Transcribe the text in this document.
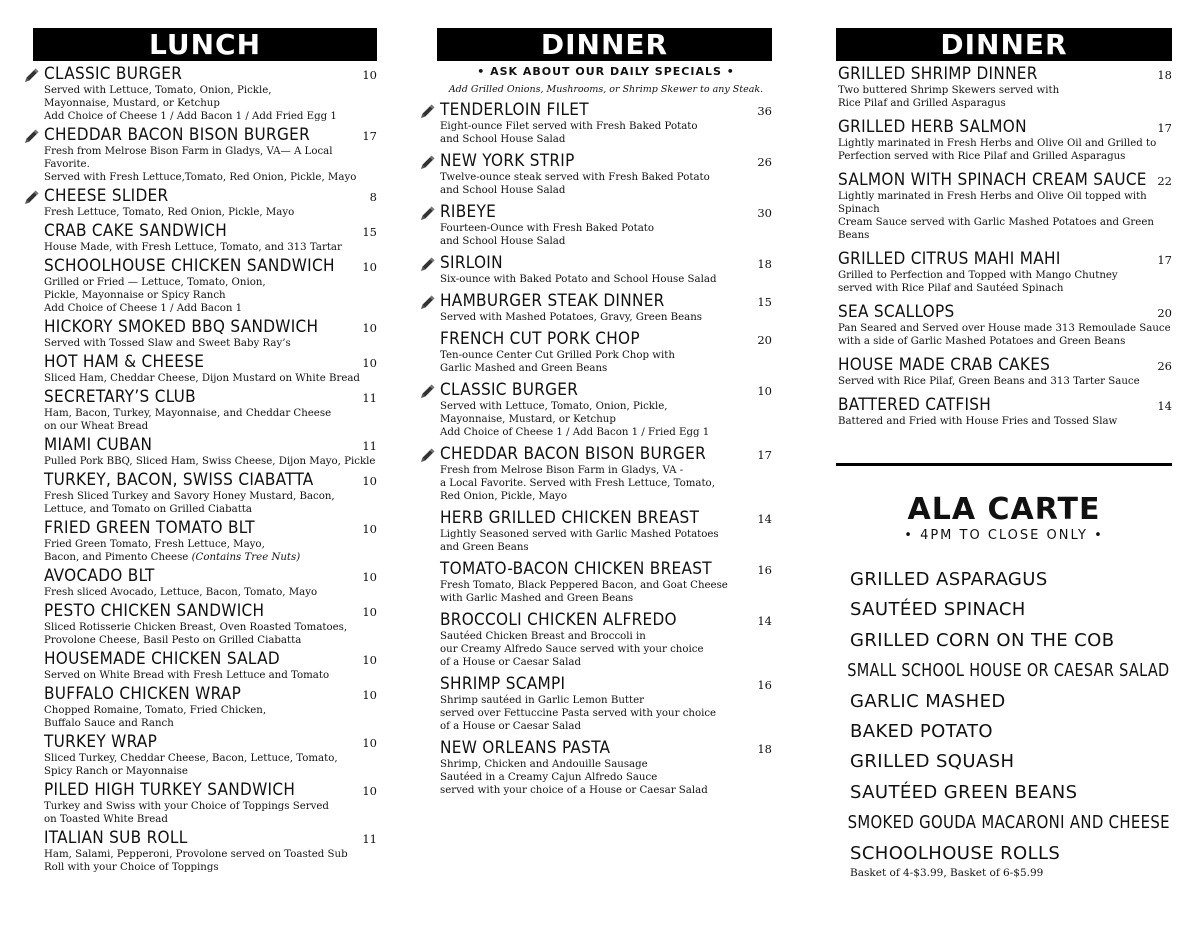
LUNCH
CLASSIC BURGER	10
Served with Lettuce, Tomato, Onion, Pickle,
Mayonnaise, Mustard, or Ketchup
Add Choice of Cheese 1 / Add Bacon 1 / Add Fried Egg 1
CHEDDAR BACON BISON BURGER	17
Fresh from Melrose Bison Farm in Gladys, VA— A Local Favorite.
Served with Fresh Lettuce,Tomato, Red Onion, Pickle, Mayo
CHEESE SLIDER	8
Fresh Lettuce, Tomato, Red Onion, Pickle, Mayo
CRAB CAKE SANDWICH	15
House Made, with Fresh Lettuce, Tomato, and 313 Tartar
SCHOOLHOUSE CHICKEN SANDWICH 10
Grilled or Fried — Lettuce, Tomato, Onion,
Pickle, Mayonnaise or Spicy Ranch
Add Choice of Cheese 1 / Add Bacon 1
HICKORY SMOKED BBQ SANDWICH	10
Served with Tossed Slaw and Sweet Baby Ray’s
HOT HAM & CHEESE	10
Sliced Ham, Cheddar Cheese, Dijon Mustard on White Bread
SECRETARY’S CLUB	11
Ham, Bacon, Turkey, Mayonnaise, and Cheddar Cheese
on our Wheat Bread
MIAMI CUBAN	11
Pulled Pork BBQ, Sliced Ham, Swiss Cheese, Dijon Mayo, Pickle
TURKEY, BACON, SWISS CIABATTA	10
Fresh Sliced Turkey and Savory Honey Mustard, Bacon,
Lettuce, and Tomato on Grilled Ciabatta
FRIED GREEN TOMATO BLT	10
Fried Green Tomato, Fresh Lettuce, Mayo,
Bacon, and Pimento Cheese (Contains Tree Nuts)
AVOCADO BLT	10
Fresh sliced Avocado, Lettuce, Bacon, Tomato, Mayo
PESTO CHICKEN SANDWICH	10
Sliced Rotisserie Chicken Breast, Oven Roasted Tomatoes,
Provolone Cheese, Basil Pesto on Grilled Ciabatta
HOUSEMADE CHICKEN SALAD	10
Served on White Bread with Fresh Lettuce and Tomato
BUFFALO CHICKEN WRAP	10
Chopped Romaine, Tomato, Fried Chicken,
Buffalo Sauce and Ranch
TURKEY WRAP	10
Sliced Turkey, Cheddar Cheese, Bacon, Lettuce, Tomato,
Spicy Ranch or Mayonnaise
PILED HIGH TURKEY SANDWICH	10
Turkey and Swiss with your Choice of Toppings Served
on Toasted White Bread
ITALIAN SUB ROLL	11
Ham, Salami, Pepperoni, Provolone served on Toasted Sub
Roll with your Choice of Toppings
DINNER
• ASK ABOUT OUR DAILY SPECIALS •
Add Grilled Onions, Mushrooms, or Shrimp Skewer to any Steak.
TENDERLOIN FILET	36
Eight-ounce Filet served with Fresh Baked Potato
and School House Salad
NEW YORK STRIP	26
Twelve-ounce steak served with Fresh Baked Potato
and School House Salad
RIBEYE	30
Fourteen-Ounce with Fresh Baked Potato
and School House Salad
SIRLOIN	18
Six-ounce with Baked Potato and School House Salad
HAMBURGER STEAK DINNER	15
Served with Mashed Potatoes, Gravy, Green Beans
FRENCH CUT PORK CHOP	20
Ten-ounce Center Cut Grilled Pork Chop with
Garlic Mashed and Green Beans
CLASSIC BURGER	10
Served with Lettuce, Tomato, Onion, Pickle,
Mayonnaise, Mustard, or Ketchup
Add Choice of Cheese 1 / Add Bacon 1 / Fried Egg 1
CHEDDAR BACON BISON BURGER	17
Fresh from Melrose Bison Farm in Gladys, VA -
a Local Favorite. Served with Fresh Lettuce, Tomato,
Red Onion, Pickle, Mayo
HERB GRILLED CHICKEN BREAST	14
Lightly Seasoned served with Garlic Mashed Potatoes
and Green Beans
TOMATO-BACON CHICKEN BREAST	16
Fresh Tomato, Black Peppered Bacon, and Goat Cheese
with Garlic Mashed and Green Beans
BROCCOLI CHICKEN ALFREDO	14
Sautéed Chicken Breast and Broccoli in
our Creamy Alfredo Sauce served with your choice
of a House or Caesar Salad
SHRIMP SCAMPI	16
Shrimp sautéed in Garlic Lemon Butter
served over Fettuccine Pasta served with your choice
of a House or Caesar Salad
NEW ORLEANS PASTA	18
Shrimp, Chicken and Andouille Sausage
Sautéed in a Creamy Cajun Alfredo Sauce
served with your choice of a House or Caesar Salad
DINNER
GRILLED SHRIMP DINNER	18
Two buttered Shrimp Skewers served with
Rice Pilaf and Grilled Asparagus
GRILLED HERB SALMON	17
Lightly marinated in Fresh Herbs and Olive Oil and Grilled to
Perfection served with Rice Pilaf and Grilled Asparagus
SALMON WITH SPINACH CREAM SAUCE 22
Lightly marinated in Fresh Herbs and Olive Oil topped with Spinach
Cream Sauce served with Garlic Mashed Potatoes and Green Beans
GRILLED CITRUS MAHI MAHI	17
Grilled to Perfection and Topped with Mango Chutney
served with Rice Pilaf and Sautéed Spinach
SEA SCALLOPS	20
Pan Seared and Served over House made 313 Remoulade Sauce
with a side of Garlic Mashed Potatoes and Green Beans
HOUSE MADE CRAB CAKES	26
Served with Rice Pilaf, Green Beans and 313 Tarter Sauce
BATTERED CATFISH	14
Battered and Fried with House Fries and Tossed Slaw
ALA CARTE
• 4PM TO CLOSE ONLY •
GRILLED ASPARAGUS
SAUTÉED SPINACH
GRILLED CORN ON THE COB
SMALL SCHOOL HOUSE OR CAESAR SALAD
GARLIC MASHED
BAKED POTATO
GRILLED SQUASH
SAUTÉED GREEN BEANS
SMOKED GOUDA MACARONI AND CHEESE
SCHOOLHOUSE ROLLS
Basket of 4-$3.99, Basket of 6-$5.99
